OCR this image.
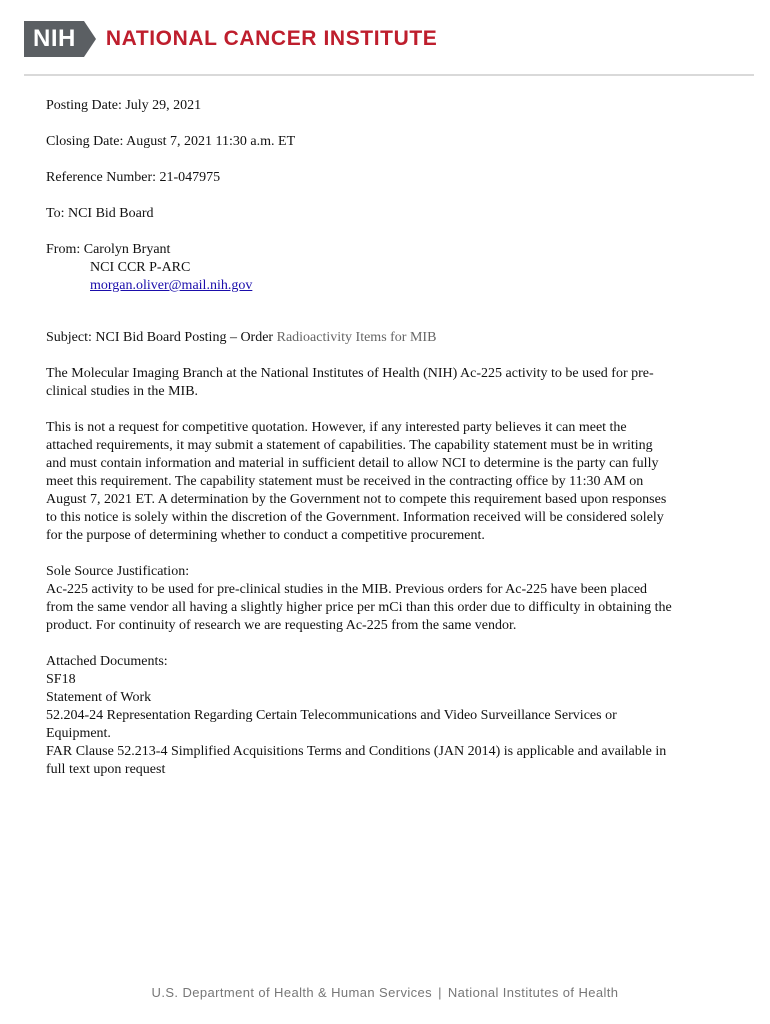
NIH	NATIONAL CANCER INSTITUTE
Posting Date: July 29, 2021
Closing Date: August 7, 2021 11:30 a.m. ET
Reference Number: 21-047975
To: NCI Bid Board
From: Carolyn Bryant
NCI CCR P-ARC
morgan.oliver@mail.nih.gov
Subject: NCI Bid Board Posting – Order Radioactivity Items for MIB
The Molecular Imaging Branch at the National Institutes of Health (NIH) Ac-225 activity to be used for pre-
clinical studies in the MIB.
This is not a request for competitive quotation. However, if any interested party believes it can meet the
attached requirements, it may submit a statement of capabilities. The capability statement must be in writing
and must contain information and material in sufficient detail to allow NCI to determine is the party can fully
meet this requirement. The capability statement must be received in the contracting office by 11:30 AM on
August 7, 2021 ET. A determination by the Government not to compete this requirement based upon responses
to this notice is solely within the discretion of the Government. Information received will be considered solely
for the purpose of determining whether to conduct a competitive procurement.
Sole Source Justification:
Ac-225 activity to be used for pre-clinical studies in the MIB. Previous orders for Ac-225 have been placed
from the same vendor all having a slightly higher price per mCi than this order due to difficulty in obtaining the
product. For continuity of research we are requesting Ac-225 from the same vendor.
Attached Documents:
SF18
Statement of Work
52.204-24 Representation Regarding Certain Telecommunications and Video Surveillance Services or
Equipment.
FAR Clause 52.213-4 Simplified Acquisitions Terms and Conditions (JAN 2014) is applicable and available in
full text upon request
U.S. Department of Health & Human Services | National Institutes of Health
